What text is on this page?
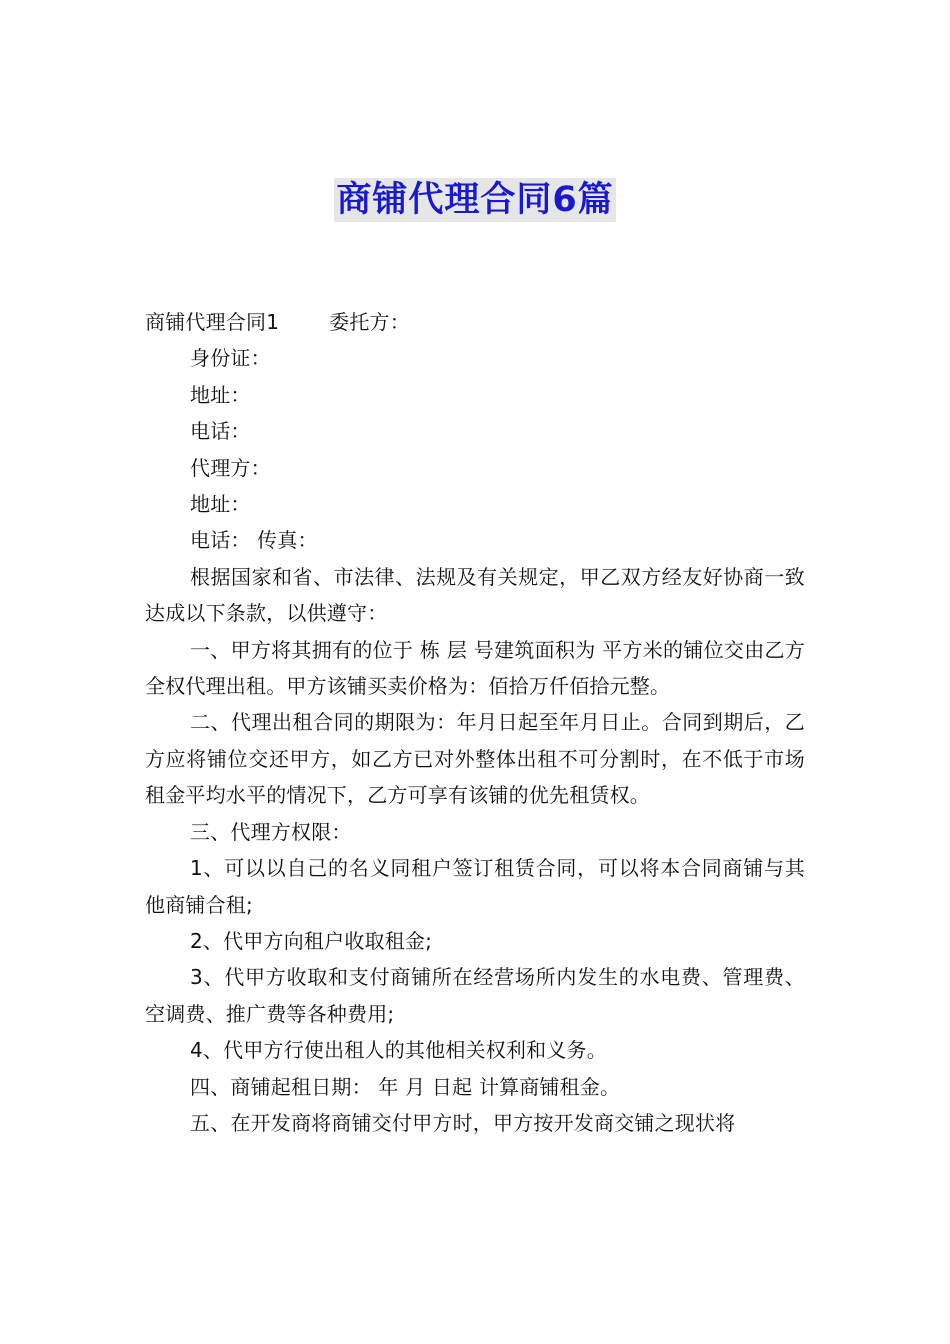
商铺代理合同6篇

商铺代理合同1	委托方：

身份证：

地址：

电话：

代理方：

地址：

电话： 传真：

根据国家和省、市法律、法规及有关规定，甲乙双方经友好协商一致达成以下条款，以供遵守：

一、甲方将其拥有的位于 栋 层 号建筑面积为 平方米的铺位交由乙方全权代理出租。甲方该铺买卖价格为：佰拾万仟佰拾元整。

二、代理出租合同的期限为：年月日起至年月日止。合同到期后，乙方应将铺位交还甲方，如乙方已对外整体出租不可分割时，在不低于市场租金平均水平的情况下，乙方可享有该铺的优先租赁权。

三、代理方权限：

1、可以以自己的名义同租户签订租赁合同，可以将本合同商铺与其他商铺合租;

2、代甲方向租户收取租金;

3、代甲方收取和支付商铺所在经营场所内发生的水电费、管理费、空调费、推广费等各种费用;

4、代甲方行使出租人的其他相关权利和义务。

四、商铺起租日期： 年 月 日起 计算商铺租金。

五、在开发商将商铺交付甲方时，甲方按开发商交铺之现状将
